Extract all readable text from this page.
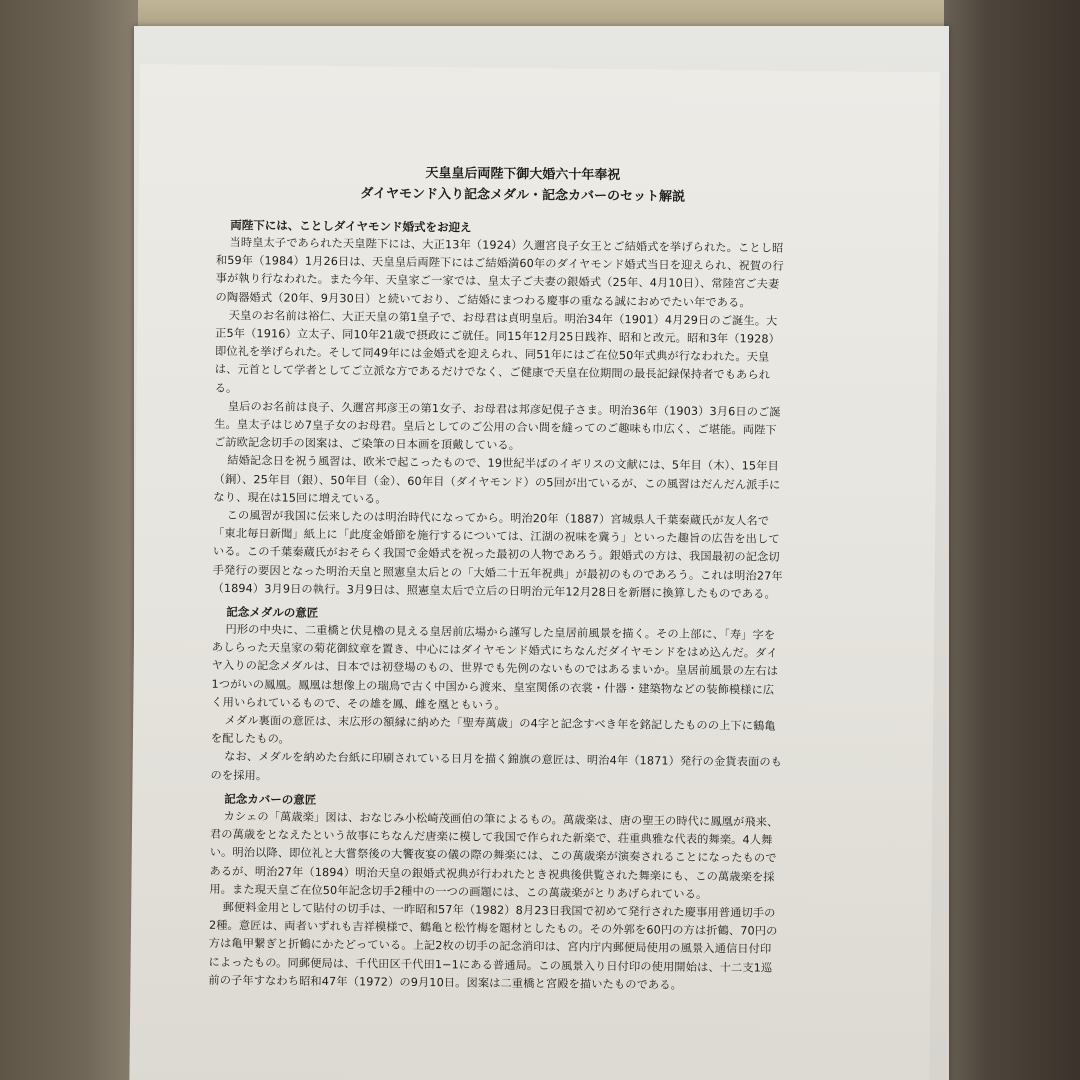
天皇皇后両陛下御大婚六十年奉祝
ダイヤモンド入り記念メダル・記念カバーのセット解説
両陛下には、ことしダイヤモンド婚式をお迎え

当時皇太子であられた天皇陛下には、大正13年（1924）久邇宮良子女王とご結婚式を挙げられた。ことし昭和59年（1984）1月26日は、天皇皇后両陛下にはご結婚満60年のダイヤモンド婚式当日を迎えられ、祝賀の行事が執り行なわれた。また今年、天皇家ご一家では、皇太子ご夫妻の銀婚式（25年、4月10日）、常陸宮ご夫妻の陶器婚式（20年、9月30日）と続いており、ご結婚にまつわる慶事の重なる誠におめでたい年である。

天皇のお名前は裕仁、大正天皇の第1皇子で、お母君は貞明皇后。明治34年（1901）4月29日のご誕生。大正5年（1916）立太子、同10年21歳で摂政にご就任。同15年12月25日践祚、昭和と改元。昭和3年（1928）即位礼を挙げられた。そして同49年には金婚式を迎えられ、同51年にはご在位50年式典が行なわれた。天皇は、元首として学者としてご立派な方であるだけでなく、ご健康で天皇在位期間の最長記録保持者でもあられる。

皇后のお名前は良子、久邇宮邦彦王の第1女子、お母君は邦彦妃俔子さま。明治36年（1903）3月6日のご誕生。皇太子はじめ7皇子女のお母君。皇后としてのご公用の合い間を縫ってのご趣味も巾広く、ご堪能。両陛下ご訪欧記念切手の図案は、ご染筆の日本画を頂戴している。

結婚記念日を祝う風習は、欧米で起こったもので、19世紀半ばのイギリスの文献には、5年目（木）、15年目（銅）、25年目（銀）、50年目（金）、60年目（ダイヤモンド）の5回が出ているが、この風習はだんだん派手になり、現在は15回に増えている。

この風習が我国に伝来したのは明治時代になってから。明治20年（1887）宮城県人千葉秦蔵氏が友人名で「東北毎日新聞」紙上に「此度金婚節を施行するについては、江湖の祝味を冀う」といった趣旨の広告を出している。この千葉秦蔵氏がおそらく我国で金婚式を祝った最初の人物であろう。銀婚式の方は、我国最初の記念切手発行の要因となった明治天皇と照憲皇太后との「大婚二十五年祝典」が最初のものであろう。これは明治27年（1894）3月9日の執行。3月9日は、照憲皇太后で立后の日明治元年12月28日を新暦に換算したものである。

記念メダルの意匠

円形の中央に、二重橋と伏見櫓の見える皇居前広場から謹写した皇居前風景を描く。その上部に、「寿」字をあしらった天皇家の菊花御紋章を置き、中心にはダイヤモンド婚式にちなんだダイヤモンドをはめ込んだ。ダイヤ入りの記念メダルは、日本では初登場のもの、世界でも先例のないものではあるまいか。皇居前風景の左右は1つがいの鳳凰。鳳凰は想像上の瑞鳥で古く中国から渡来、皇室関係の衣裳・什器・建築物などの装飾模様に広く用いられているもので、その雄を鳳、雌を凰ともいう。

メダル裏面の意匠は、末広形の額縁に納めた「聖寿萬歳」の4字と記念すべき年を銘記したものの上下に鶴亀を配したもの。

なお、メダルを納めた台紙に印刷されている日月を描く錦旗の意匠は、明治4年（1871）発行の金貨表面のものを採用。

記念カバーの意匠

カシェの「萬歳楽」図は、おなじみ小松崎茂画伯の筆によるもの。萬歳楽は、唐の聖王の時代に鳳凰が飛来、君の萬歳をとなえたという故事にちなんだ唐楽に模して我国で作られた新楽で、荘重典雅な代表的舞楽。4人舞い。明治以降、即位礼と大嘗祭後の大饗夜宴の儀の際の舞楽には、この萬歳楽が演奏されることになったものであるが、明治27年（1894）明治天皇の銀婚式祝典が行われたとき祝典後供覧された舞楽にも、この萬歳楽を採用。また現天皇ご在位50年記念切手2種中の一つの画題には、この萬歳楽がとりあげられている。

郵便料金用として貼付の切手は、一昨昭和57年（1982）8月23日我国で初めて発行された慶事用普通切手の2種。意匠は、両者いずれも吉祥模様で、鶴亀と松竹梅を題材としたもの。その外郭を60円の方は折鶴、70円の方は亀甲繋ぎと折鶴にかたどっている。上記2枚の切手の記念消印は、宮内庁内郵便局使用の風景入通信日付印によったもの。同郵便局は、千代田区千代田1−1にある普通局。この風景入り日付印の使用開始は、十二支1巡前の子年すなわち昭和47年（1972）の9月10日。図案は二重橋と宮殿を描いたものである。
